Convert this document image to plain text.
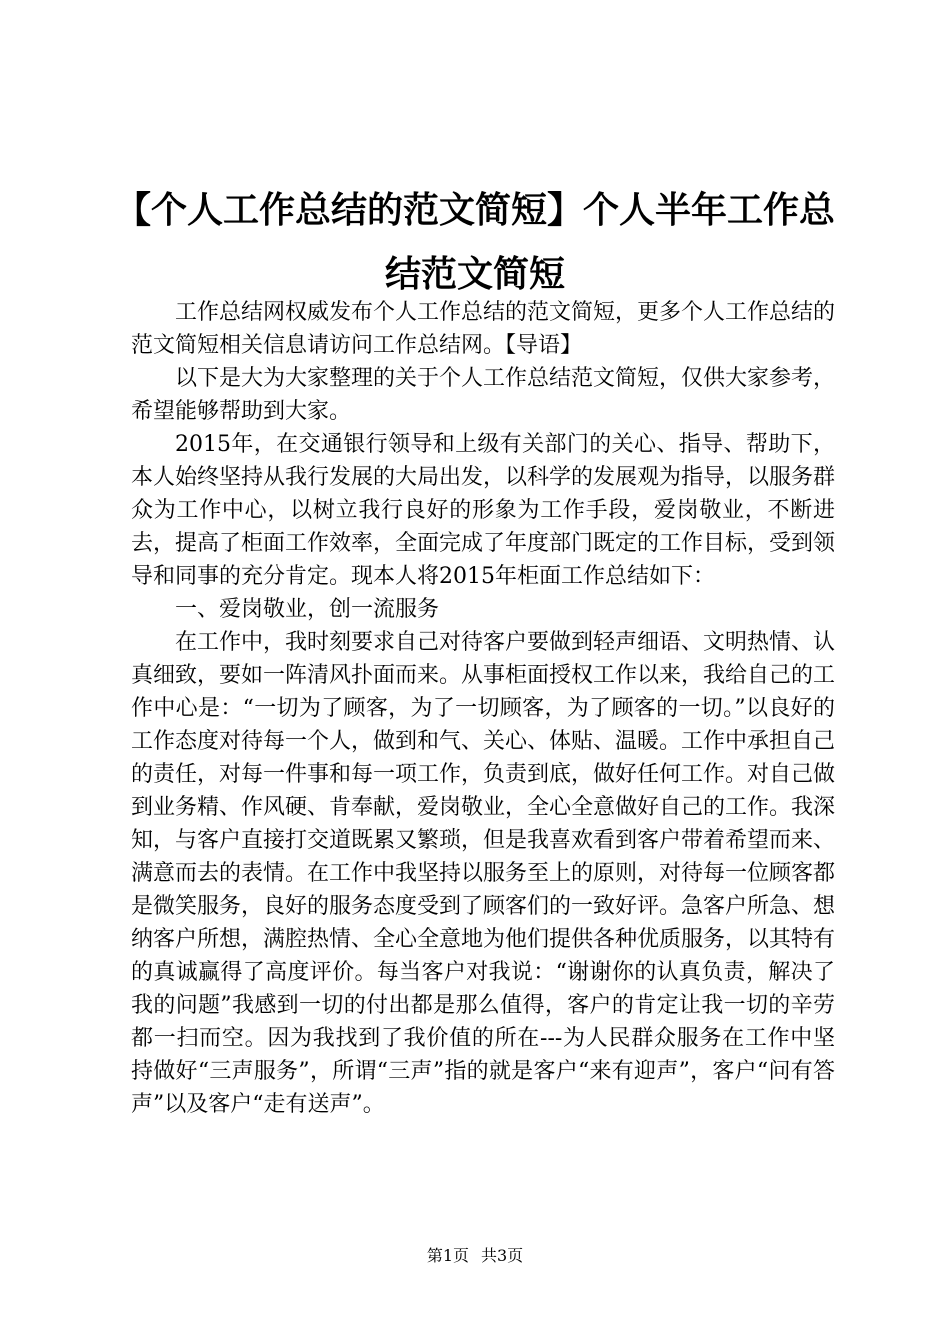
【个人工作总结的范文简短】个人半年工作总
结范文简短

工作总结网权威发布个人工作总结的范文简短，更多个人工作总结的范文简短相关信息请访问工作总结网。【导语】

以下是大为大家整理的关于个人工作总结范文简短，仅供大家参考，希望能够帮助到大家。

2015年，在交通银行领导和上级有关部门的关心、指导、帮助下，本人始终坚持从我行发展的大局出发，以科学的发展观为指导，以服务群众为工作中心，以树立我行良好的形象为工作手段，爱岗敬业，不断进去，提高了柜面工作效率，全面完成了年度部门既定的工作目标，受到领导和同事的充分肯定。现本人将2015年柜面工作总结如下：

一、爱岗敬业，创一流服务

在工作中，我时刻要求自己对待客户要做到轻声细语、文明热情、认真细致，要如一阵清风扑面而来。从事柜面授权工作以来，我给自己的工作中心是：“一切为了顾客，为了一切顾客，为了顾客的一切。”以良好的工作态度对待每一个人，做到和气、关心、体贴、温暖。工作中承担自己的责任，对每一件事和每一项工作，负责到底，做好任何工作。对自己做到业务精、作风硬、肯奉献，爱岗敬业，全心全意做好自己的工作。我深知，与客户直接打交道既累又繁琐，但是我喜欢看到客户带着希望而来、满意而去的表情。在工作中我坚持以服务至上的原则，对待每一位顾客都是微笑服务，良好的服务态度受到了顾客们的一致好评。急客户所急、想纳客户所想，满腔热情、全心全意地为他们提供各种优质服务，以其特有的真诚赢得了高度评价。每当客户对我说：“谢谢你的认真负责，解决了我的问题”我感到一切的付出都是那么值得，客户的肯定让我一切的辛劳都一扫而空。因为我找到了我价值的所在---为人民群众服务在工作中坚持做好“三声服务”，所谓“三声”指的就是客户“来有迎声”，客户“问有答声”以及客户“走有送声”。

第1页 共3页
